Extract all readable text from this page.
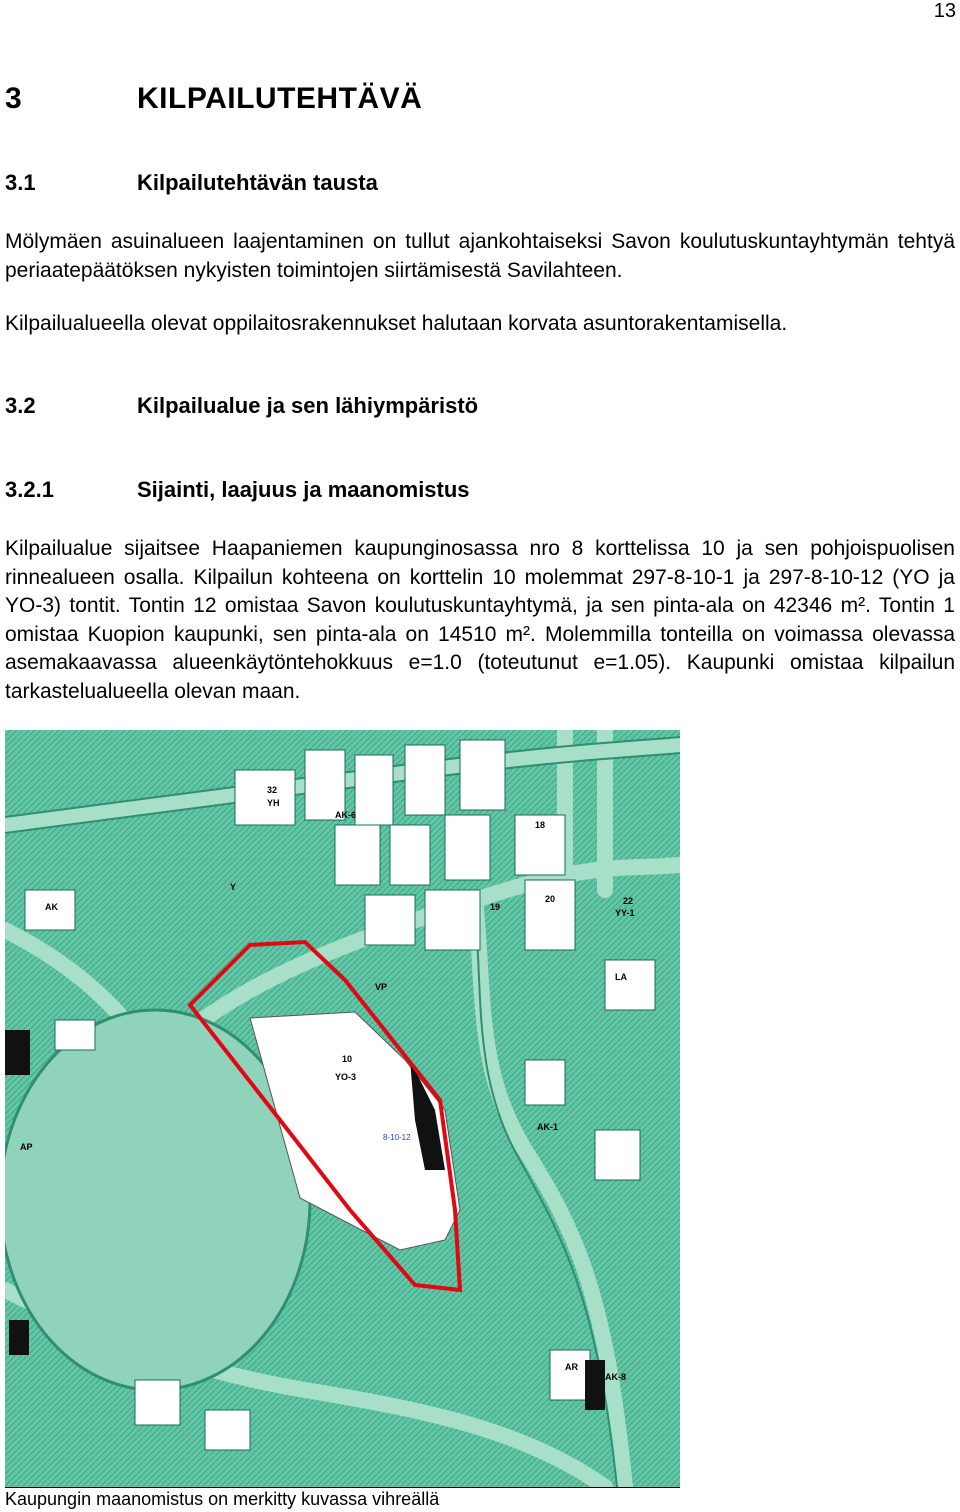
13
3	KILPAILUTEHTÄVÄ
3.1	Kilpailutehtävän tausta

Mölymäen asuinalueen laajentaminen on tullut ajankohtaiseksi Savon koulutuskuntayhtymän tehtyä periaatepäätöksen nykyisten toimintojen siirtämisestä Savilahteen.

Kilpailualueella olevat oppilaitosrakennukset halutaan korvata asuntorakentamisella.

3.2	Kilpailualue ja sen lähiympäristö
3.2.1	Sijainti, laajuus ja maanomistus

Kilpailualue sijaitsee Haapaniemen kaupunginosassa nro 8 korttelissa 10 ja sen pohjoispuolisen rinnealueen osalla. Kilpailun kohteena on korttelin 10 molemmat 297-8-10-1 ja 297-8-10-12 (YO ja YO-3) tontit. Tontin 12 omistaa Savon koulutuskuntayhtymä, ja sen pinta-ala on 42346 m². Tontin 1 omistaa Kuopion kaupunki, sen pinta-ala on 14510 m². Molemmilla tonteilla on voimassa olevassa asemakaavassa alueenkäytöntehokkuus e=1.0 (toteutunut e=1.05). Kaupunki omistaa kilpailun tarkastelualueella olevan maan.

10
YO-3
32
YH
AK-6
18
19
20	22
YY-1
VP
LA
AK-1
AK-8
AK
AP
Y
AR
8-10-12

Kaupungin maanomistus on merkitty kuvassa vihreällä
